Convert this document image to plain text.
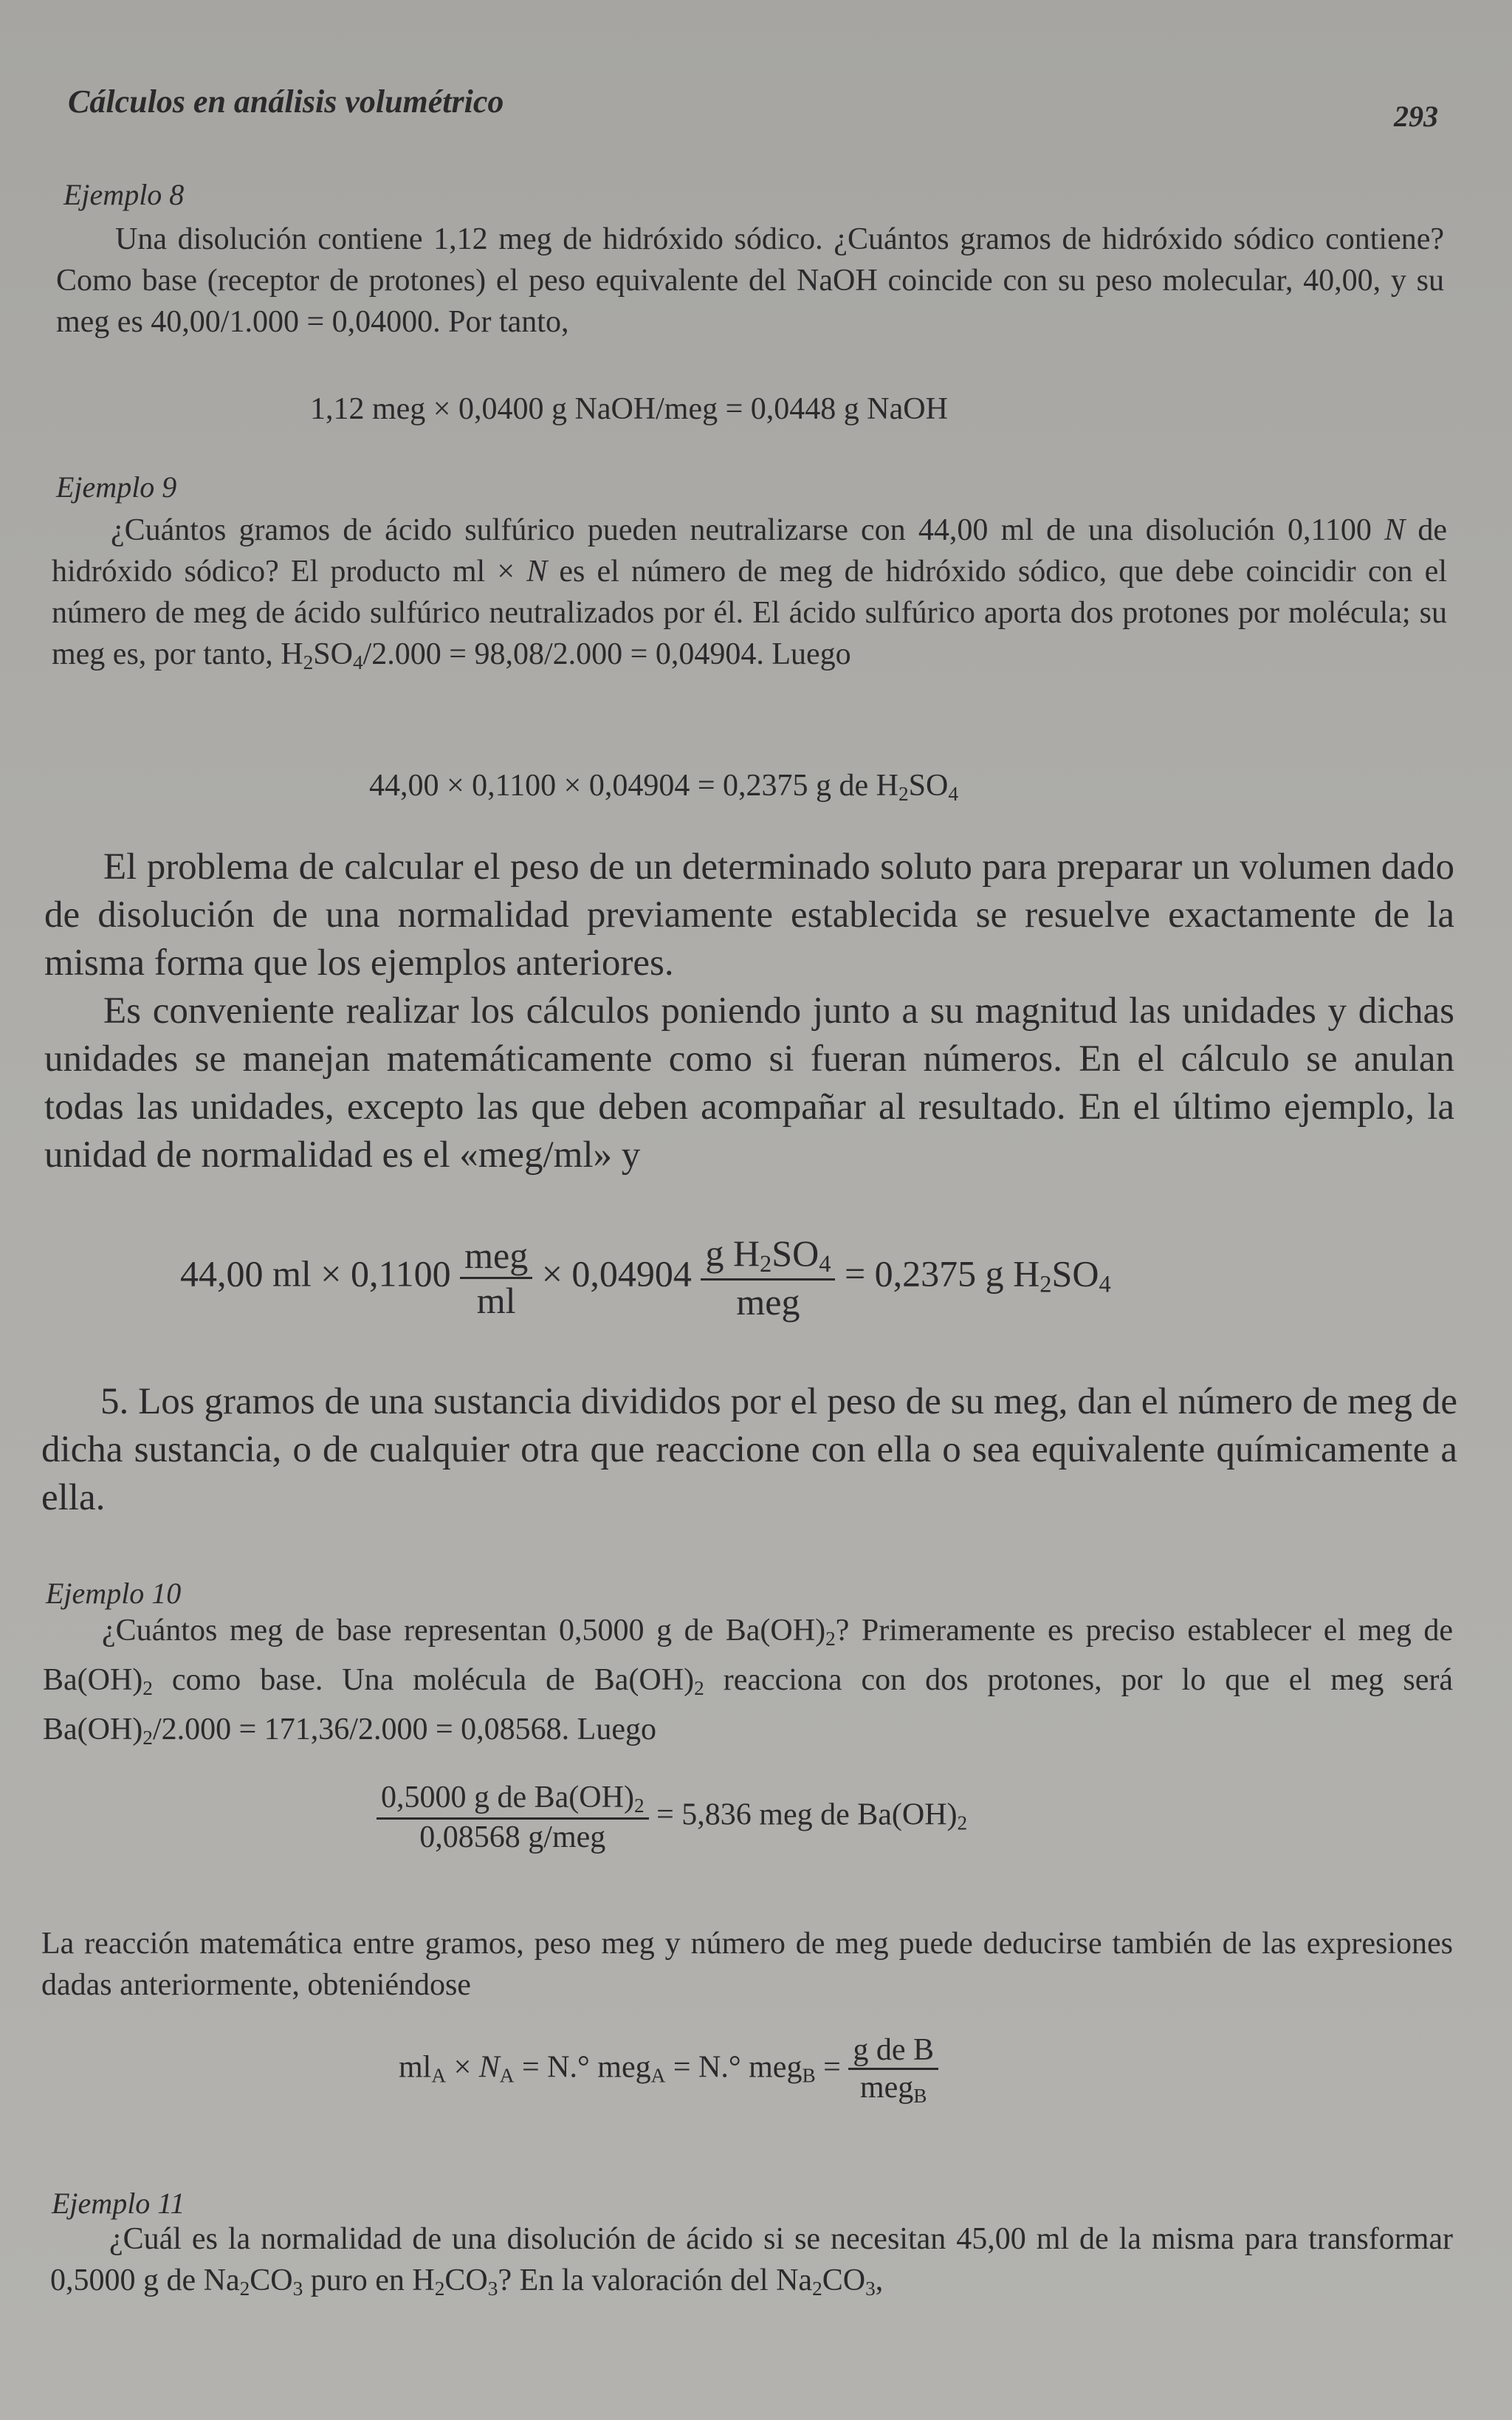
Cálculos en análisis volumétrico	293
Ejemplo 8

Una disolución contiene 1,12 meg de hidróxido sódico. ¿Cuántos gramos de hidróxido sódico contiene? Como base (receptor de protones) el peso equivalente del NaOH coincide con su peso molecular, 40,00, y su meg es 40,00/1.000 = 0,04000. Por tanto,

1,12 meg × 0,0400 g NaOH/meg = 0,0448 g NaOH
Ejemplo 9

¿Cuántos gramos de ácido sulfúrico pueden neutralizarse con 44,00 ml de una disolución 0,1100 N de hidróxido sódico? El producto ml × N es el número de meg de hidróxido sódico, que debe coincidir con el número de meg de ácido sulfúrico neutralizados por él. El ácido sulfúrico aporta dos protones por molécula; su meg es, por tanto, $H_2SO_4/2.000 = 98,08/2.000 = 0,04904$. Luego

44,00 × 0,1100 × 0,04904 = 0,2375 g de $H_2SO_4$

El problema de calcular el peso de un determinado soluto para preparar un volumen dado de disolución de una normalidad previamente establecida se resuelve exactamente de la misma forma que los ejemplos anteriores.

Es conveniente realizar los cálculos poniendo junto a su magnitud las unidades y dichas unidades se manejan matemáticamente como si fueran números. En el cálculo se anulan todas las unidades, excepto las que deben acompañar al resultado. En el último ejemplo, la unidad de normalidad es el «meg/ml» y

44,00 ml × $0,1100 \frac{\text{meg}}{ml} \times 0,04904 \frac{g H_2SO_4}{\text{meg}} = 0,2375$ g $H_2SO_4$

5. Los gramos de una sustancia divididos por el peso de su meg, dan el número de meg de dicha sustancia, o de cualquier otra que reaccione con ella o sea equivalente químicamente a ella.

Ejemplo 10

¿Cuántos meg de base representan 0,5000 g de $Ba(OH)_2$? Primeramente es preciso establecer el meg de $Ba(OH)_2$ como base. Una molécula de $Ba(OH)_2$ reacciona con dos protones, por lo que el meg será $Ba(OH)_2/2.000 = 171,36/2.000 = 0,08568$. Luego

$\frac{0,5000 g de Ba(OH)_2}{\text{0,08568 g/meg}} = 5,836$ meg de $Ba(OH)_2$

La reacción matemática entre gramos, peso meg y número de meg puede deducirse también de las expresiones dadas anteriormente, obteniéndose

$ml_A \times N_A = N.^\circ$ meg$_A$ = N.° $meg_B = \frac{\text{g de B}}{meg_B}$
Ejemplo 11

¿Cuál es la normalidad de una disolución de ácido si se necesitan 45,00 ml de la misma para transformar 0,5000 g de $Na_2CO_3$ puro en $H_2CO_3$? En la valoración del $Na_2CO_3$,
